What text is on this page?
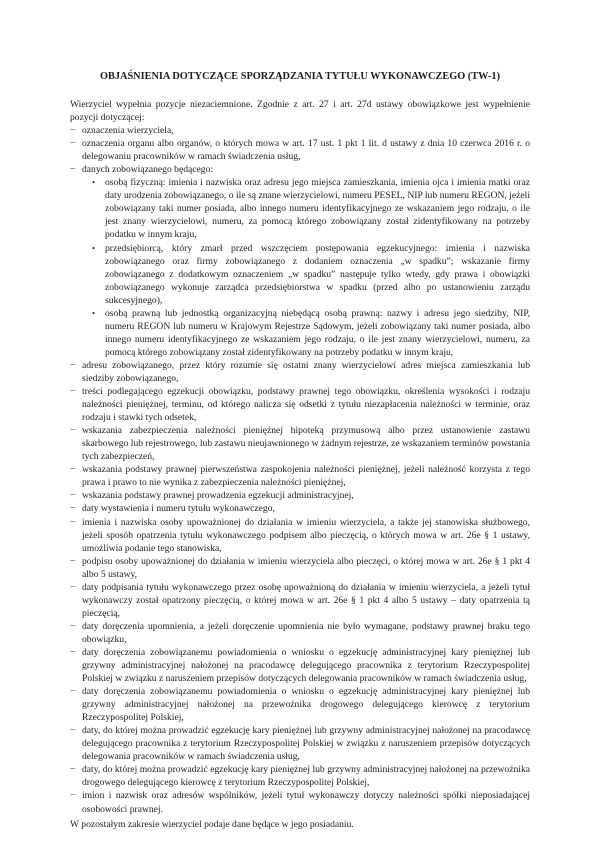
OBJAŚNIENIA DOTYCZĄCE SPORZĄDZANIA TYTUŁU WYKONAWCZEGO (TW-1)

Wierzyciel wypełnia pozycje niezaciemnione. Zgodnie z art. 27 i art. 27d ustawy obowiązkowe jest wypełnienie pozycji dotyczącej:

− oznaczenia wierzyciela,
− oznaczenia organu albo organów, o których mowa w art. 17 ust. 1 pkt 1 lit. d ustawy z dnia 10 czerwca 2016 r. o delegowaniu pracowników w ramach świadczenia usług,
− danych zobowiązanego będącego:
•	osobą fizyczną: imienia i nazwiska oraz adresu jego miejsca zamieszkania, imienia ojca i imienia matki oraz daty urodzenia zobowiązanego, o ile są znane wierzycielowi, numeru PESEL, NIP lub numeru REGON, jeżeli zobowiązany taki numer posiada, albo innego numeru identyfikacyjnego ze wskazaniem jego rodzaju, o ile jest znany wierzycielowi, numeru, za pomocą którego zobowiązany został zidentyfikowany na potrzeby podatku w innym kraju,
•	przedsiębiorcą, który zmarł przed wszczęciem postępowania egzekucyjnego: imienia i nazwiska zobowiązanego oraz firmy zobowiązanego z dodaniem oznaczenia „w spadku”; wskazanie firmy zobowiązanego z dodatkowym oznaczeniem „w spadku” następuje tylko wtedy, gdy prawa i obowiązki zobowiązanego wykonuje zarządca przedsiębiorstwa w spadku (przed albo po ustanowieniu zarządu sukcesyjnego),
•	osobą prawną lub jednostką organizacyjną niebędącą osobą prawną: nazwy i adresu jego siedziby, NIP, numeru REGON lub numeru w Krajowym Rejestrze Sądowym, jeżeli zobowiązany taki numer posiada, albo innego numeru identyfikacyjnego ze wskazaniem jego rodzaju, o ile jest znany wierzycielowi, numeru, za pomocą którego zobowiązany został zidentyfikowany na potrzeby podatku w innym kraju,
− adresu zobowiązanego, przez który rozumie się ostatni znany wierzycielowi adres miejsca zamieszkania lub siedziby zobowiązanego,
− treści podlegającego egzekucji obowiązku, podstawy prawnej tego obowiązku, określenia wysokości i rodzaju należności pieniężnej, terminu, od którego nalicza się odsetki z tytułu niezapłacenia należności w terminie, oraz rodzaju i stawki tych odsetek,
− wskazania zabezpieczenia należności pieniężnej hipoteką przymusową albo przez ustanowienie zastawu skarbowego lub rejestrowego, lub zastawu nieujawnionego w żadnym rejestrze, ze wskazaniem terminów powstania tych zabezpieczeń,
− wskazania podstawy prawnej pierwszeństwa zaspokojenia należności pieniężnej, jeżeli należność korzysta z tego prawa i prawo to nie wynika z zabezpieczenia należności pieniężnej,
− wskazania podstawy prawnej prowadzenia egzekucji administracyjnej,
− daty wystawienia i numeru tytułu wykonawczego,
− imienia i nazwiska osoby upoważnionej do działania w imieniu wierzyciela, a także jej stanowiska służbowego, jeżeli sposób opatrzenia tytułu wykonawczego podpisem albo pieczęcią, o których mowa w art. 26e § 1 ustawy, umożliwia podanie tego stanowiska,
− podpisu osoby upoważnionej do działania w imieniu wierzyciela albo pieczęci, o której mowa w art. 26e § 1 pkt 4 albo 5 ustawy,
− daty podpisania tytułu wykonawczego przez osobę upoważnioną do działania w imieniu wierzyciela, a jeżeli tytuł wykonawczy został opatrzony pieczęcią, o której mowa w art. 26e § 1 pkt 4 albo 5 ustawy – daty opatrzenia tą pieczęcią,
− daty doręczenia upomnienia, a jeżeli doręczenie upomnienia nie było wymagane, podstawy prawnej braku tego obowiązku,
− daty doręczenia zobowiązanemu powiadomienia o wniosku o egzekucję administracyjnej kary pieniężnej lub grzywny administracyjnej nałożonej na pracodawcę delegującego pracownika z terytorium Rzeczypospolitej Polskiej w związku z naruszeniem przepisów dotyczących delegowania pracowników w ramach świadczenia usług,
− daty doręczenia zobowiązanemu powiadomienia o wniosku o egzekucję administracyjnej kary pieniężnej lub grzywny administracyjnej nałożonej na przewoźnika drogowego delegującego kierowcę z terytorium Rzeczypospolitej Polskiej,
− daty, do której można prowadzić egzekucję kary pieniężnej lub grzywny administracyjnej nałożonej na pracodawcę delegującego pracownika z terytorium Rzeczypospolitej Polskiej w związku z naruszeniem przepisów dotyczących delegowania pracowników w ramach świadczenia usług,
− daty, do której można prowadzić egzekucję kary pieniężnej lub grzywny administracyjnej nałożonej na przewoźnika drogowego delegującego kierowcę z terytorium Rzeczypospolitej Polskiej,
− imion i nazwisk oraz adresów wspólników, jeżeli tytuł wykonawczy dotyczy należności spółki nieposiadającej osobowości prawnej.

W pozostałym zakresie wierzyciel podaje dane będące w jego posiadaniu.
